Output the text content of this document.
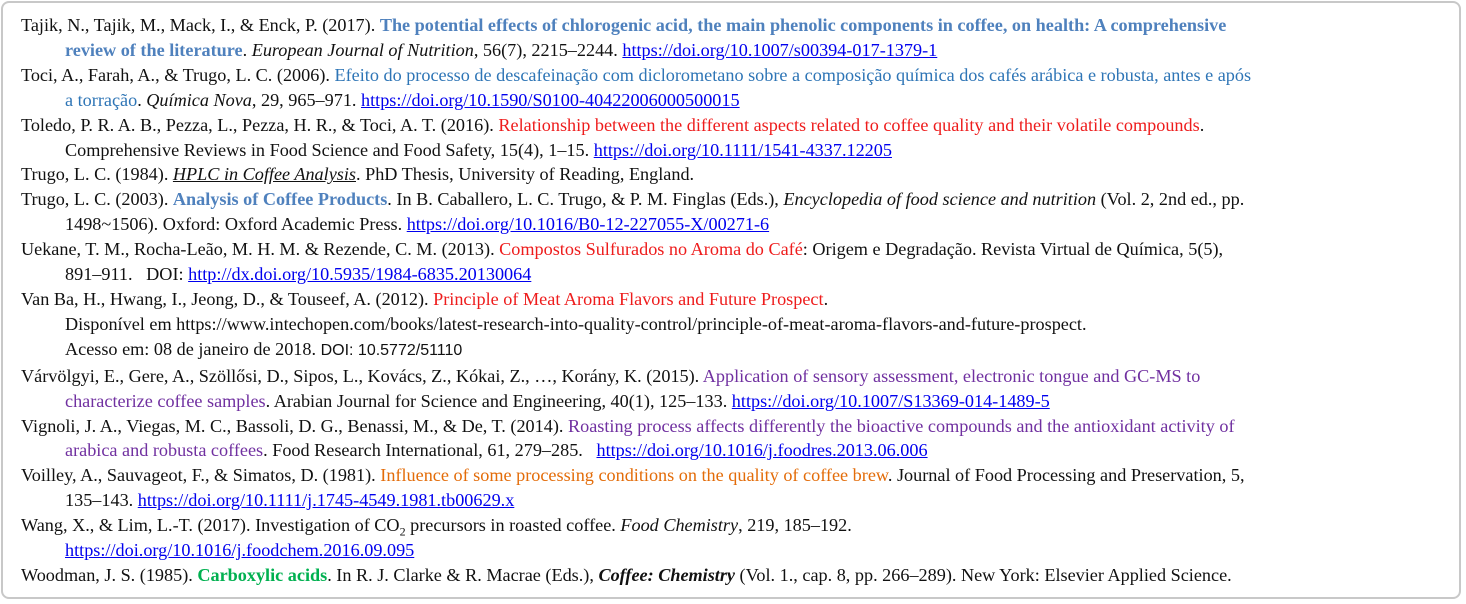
Tajik, N., Tajik, M., Mack, I., & Enck, P. (2017). The potential effects of chlorogenic acid, the main phenolic components in coffee, on health: A comprehensive
review of the literature. European Journal of Nutrition, 56(7), 2215–2244. https://doi.org/10.1007/s00394-017-1379-1
Toci, A., Farah, A., & Trugo, L. C. (2006). Efeito do processo de descafeinação com diclorometano sobre a composição química dos cafés arábica e robusta, antes e após
a torração. Química Nova, 29, 965–971. https://doi.org/10.1590/S0100-40422006000500015
Toledo, P. R. A. B., Pezza, L., Pezza, H. R., & Toci, A. T. (2016). Relationship between the different aspects related to coffee quality and their volatile compounds.
Comprehensive Reviews in Food Science and Food Safety, 15(4), 1–15. https://doi.org/10.1111/1541-4337.12205
Trugo, L. C. (1984). HPLC in Coffee Analysis. PhD Thesis, University of Reading, England.
Trugo, L. C. (2003). Analysis of Coffee Products. In B. Caballero, L. C. Trugo, & P. M. Finglas (Eds.), Encyclopedia of food science and nutrition (Vol. 2, 2nd ed., pp.
1498~1506). Oxford: Oxford Academic Press. https://doi.org/10.1016/B0-12-227055-X/00271-6
Uekane, T. M., Rocha-Leão, M. H. M. & Rezende, C. M. (2013). Compostos Sulfurados no Aroma do Café: Origem e Degradação. Revista Virtual de Química, 5(5),
891–911. DOI: http://dx.doi.org/10.5935/1984-6835.20130064
Van Ba, H., Hwang, I., Jeong, D., & Touseef, A. (2012). Principle of Meat Aroma Flavors and Future Prospect.
Disponível em https://www.intechopen.com/books/latest-research-into-quality-control/principle-of-meat-aroma-flavors-and-future-prospect.
Acesso em: 08 de janeiro de 2018. DOI: 10.5772/51110
Várvölgyi, E., Gere, A., Szöllősi, D., Sipos, L., Kovács, Z., Kókai, Z., …, Korány, K. (2015). Application of sensory assessment, electronic tongue and GC-MS to
characterize coffee samples. Arabian Journal for Science and Engineering, 40(1), 125–133. https://doi.org/10.1007/S13369-014-1489-5
Vignoli, J. A., Viegas, M. C., Bassoli, D. G., Benassi, M., & De, T. (2014). Roasting process affects differently the bioactive compounds and the antioxidant activity of
arabica and robusta coffees. Food Research International, 61, 279–285. https://doi.org/10.1016/j.foodres.2013.06.006
Voilley, A., Sauvageot, F., & Simatos, D. (1981). Influence of some processing conditions on the quality of coffee brew. Journal of Food Processing and Preservation, 5,
135–143. https://doi.org/10.1111/j.1745-4549.1981.tb00629.x
Wang, X., & Lim, L.-T. (2017). Investigation of $CO_2$ precursors in roasted coffee. Food Chemistry, 219, 185–192.
https://doi.org/10.1016/j.foodchem.2016.09.095
Woodman, J. S. (1985). Carboxylic acids. In R. J. Clarke & R. Macrae (Eds.), Coffee: Chemistry (Vol. 1., cap. 8, pp. 266–289). New York: Elsevier Applied Science.
